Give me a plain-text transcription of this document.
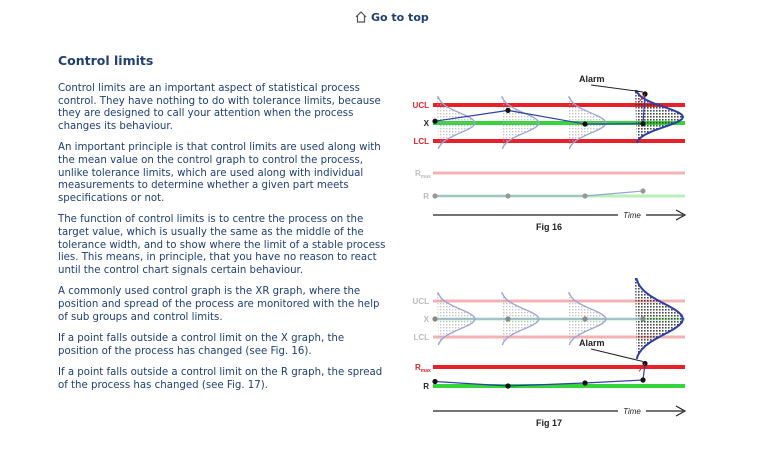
Go to top
Control limits

Control limits are an important aspect of statistical process control. They have nothing to do with tolerance limits, because they are designed to call your attention when the process changes its behaviour.

An important principle is that control limits are used along with the mean value on the control graph to control the process, unlike tolerance limits, which are used along with individual measurements to determine whether a given part meets specifications or not.

The function of control limits is to centre the process on the target value, which is usually the same as the middle of the tolerance width, and to show where the limit of a stable process lies. This means, in principle, that you have no reason to react until the control chart signals certain behaviour.

A commonly used control graph is the XR graph, where the position and spread of the process are monitored with the help of sub groups and control limits.

If a point falls outside a control limit on the X graph, the position of the process has changed (see Fig. 16).

If a point falls outside a control limit on the R graph, the spread of the process has changed (see Fig. 17).

Alarm
UCL
X
LCL
$R_{max}$
R
Time
Fig 16
Alarm
UCL
X
LCL
$R_{max}$
R
Time
Fig 17
